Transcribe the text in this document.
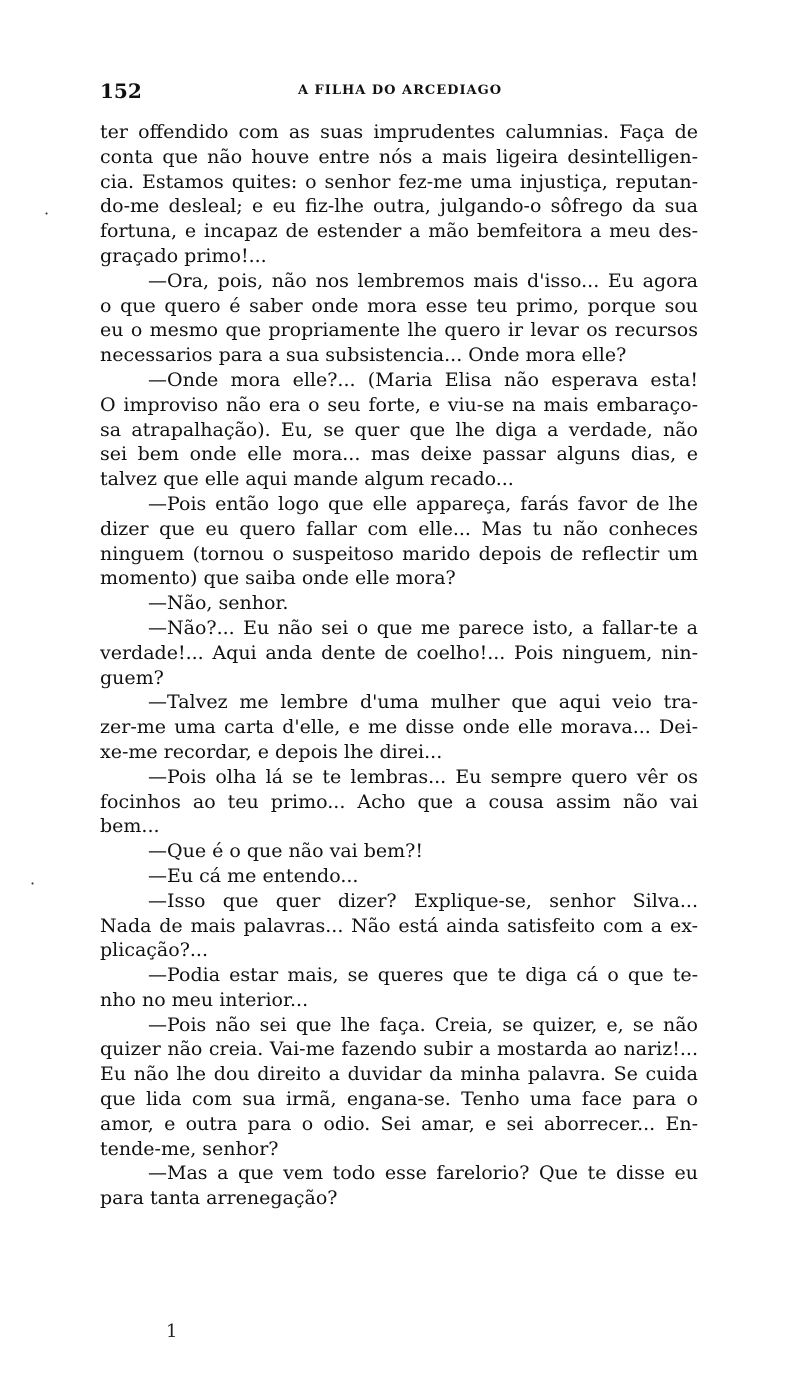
152	A FILHA DO ARCEDIAGO
ter offendido com as suas imprudentes calumnias. Faça de
conta que não houve entre nós a mais ligeira desintelligen-
cia. Estamos quites: o senhor fez-me uma injustiça, reputan-
do-me desleal; e eu fiz-lhe outra, julgando-o sôfrego da sua
fortuna, e incapaz de estender a mão bemfeitora a meu des-
graçado primo!...
—Ora, pois, não nos lembremos mais d'isso... Eu agora
o que quero é saber onde mora esse teu primo, porque sou
eu o mesmo que propriamente lhe quero ir levar os recursos
necessarios para a sua subsistencia... Onde mora elle?
—Onde mora elle?... (Maria Elisa não esperava esta!
O improviso não era o seu forte, e viu-se na mais embaraço-
sa atrapalhação). Eu, se quer que lhe diga a verdade, não
sei bem onde elle mora... mas deixe passar alguns dias, e
talvez que elle aqui mande algum recado...
—Pois então logo que elle appareça, farás favor de lhe
dizer que eu quero fallar com elle... Mas tu não conheces
ninguem (tornou o suspeitoso marido depois de reflectir um
momento) que saiba onde elle mora?
—Não, senhor.
—Não?... Eu não sei o que me parece isto, a fallar-te a
verdade!... Aqui anda dente de coelho!... Pois ninguem, nin-
guem?
—Talvez me lembre d'uma mulher que aqui veio tra-
zer-me uma carta d'elle, e me disse onde elle morava... Dei-
xe-me recordar, e depois lhe direi...
—Pois olha lá se te lembras... Eu sempre quero vêr os
focinhos ao teu primo... Acho que a cousa assim não vai
bem...
—Que é o que não vai bem?!
—Eu cá me entendo...
—Isso que quer dizer? Explique-se, senhor Silva...
Nada de mais palavras... Não está ainda satisfeito com a ex-
plicação?...
—Podia estar mais, se queres que te diga cá o que te-
nho no meu interior...
—Pois não sei que lhe faça. Creia, se quizer, e, se não
quizer não creia. Vai-me fazendo subir a mostarda ao nariz!...
Eu não lhe dou direito a duvidar da minha palavra. Se cuida
que lida com sua irmã, engana-se. Tenho uma face para o
amor, e outra para o odio. Sei amar, e sei aborrecer... En-
tende-me, senhor?
—Mas a que vem todo esse farelorio? Que te disse eu
para tanta arrenegação?
·
·
1
